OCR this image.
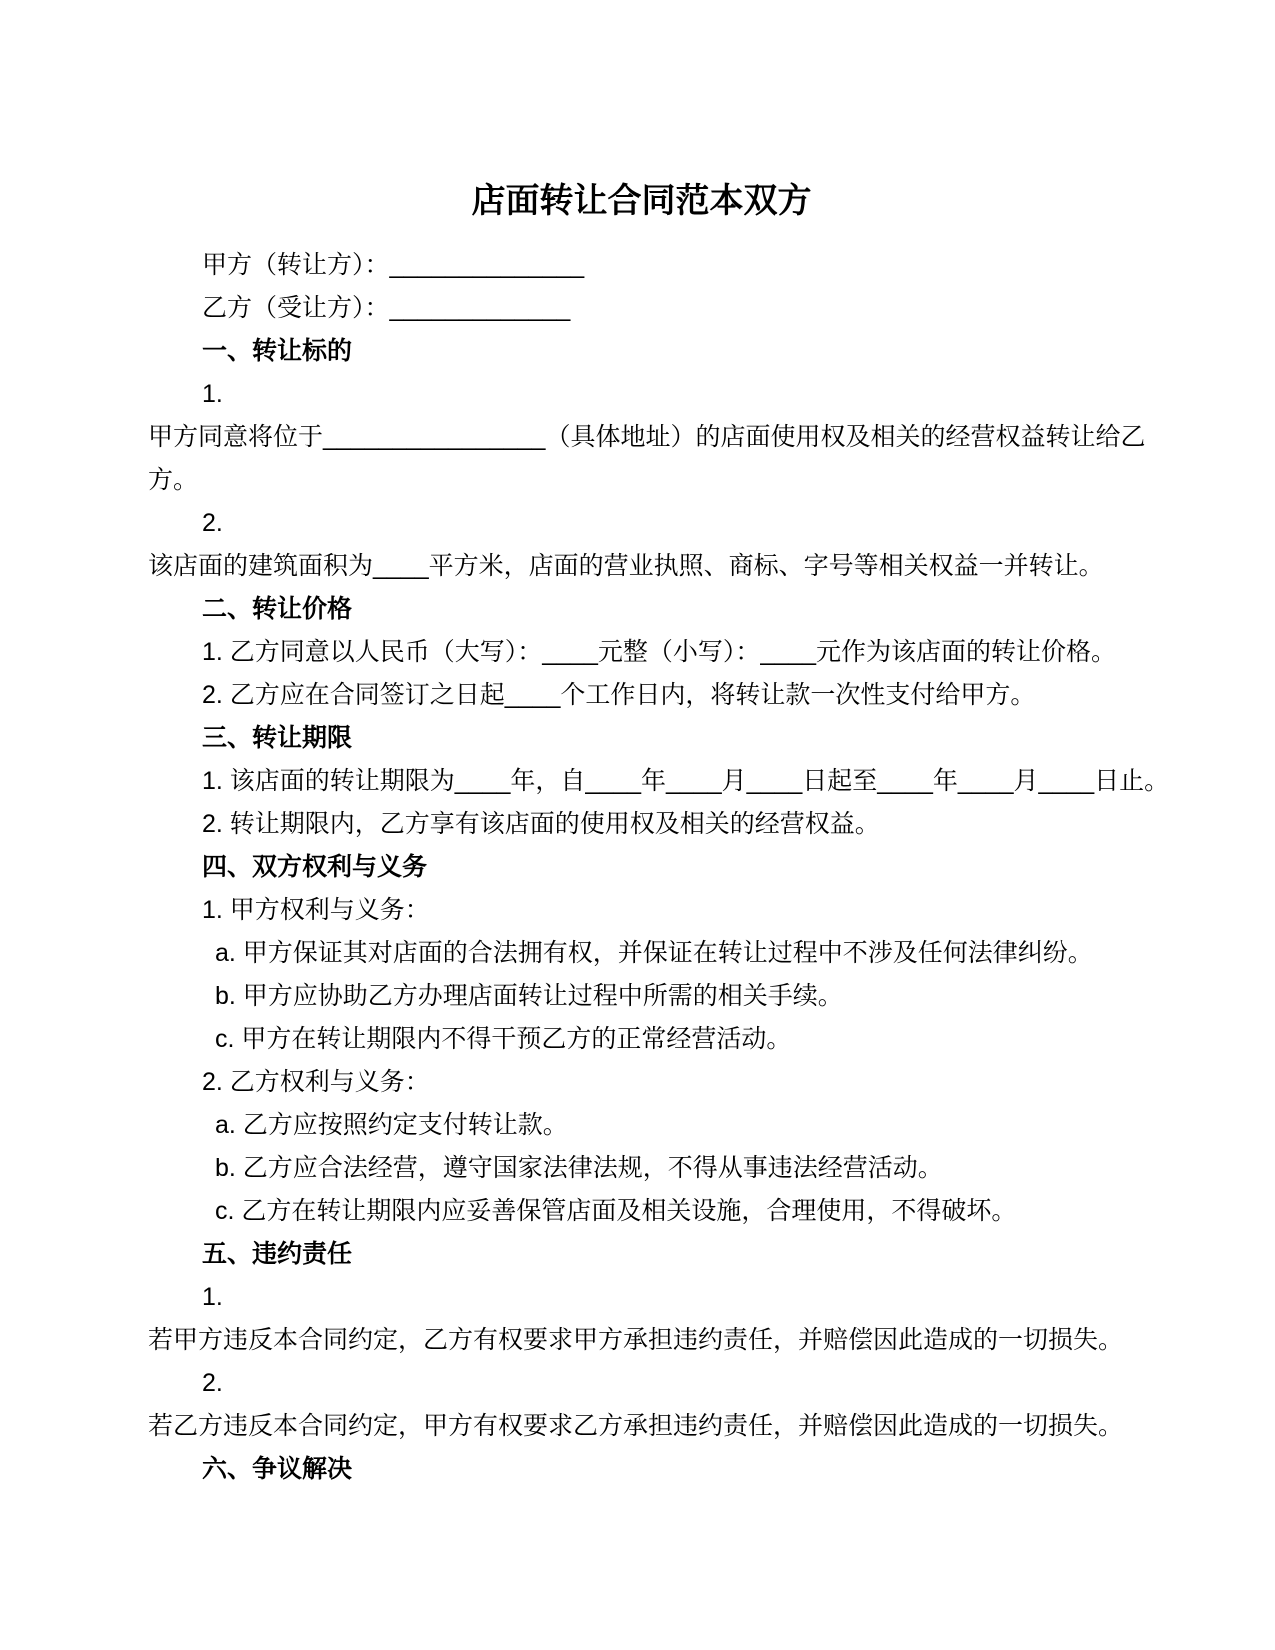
店面转让合同范本双方
甲方（转让方）：______________
乙方（受让方）：_____________
一、转让标的
1.
甲方同意将位于________________（具体地址）的店面使用权及相关的经营权益转让给乙
方。
2.
该店面的建筑面积为____平方米，店面的营业执照、商标、字号等相关权益一并转让。
二、转让价格
1. 乙方同意以人民币（大写）：____元整（小写）：____元作为该店面的转让价格。
2. 乙方应在合同签订之日起____个工作日内，将转让款一次性支付给甲方。
三、转让期限
1. 该店面的转让期限为____年，自____年____月____日起至____年____月____日止。
2. 转让期限内，乙方享有该店面的使用权及相关的经营权益。
四、双方权利与义务
1. 甲方权利与义务：
a. 甲方保证其对店面的合法拥有权，并保证在转让过程中不涉及任何法律纠纷。
b. 甲方应协助乙方办理店面转让过程中所需的相关手续。
c. 甲方在转让期限内不得干预乙方的正常经营活动。
2. 乙方权利与义务：
a. 乙方应按照约定支付转让款。
b. 乙方应合法经营，遵守国家法律法规，不得从事违法经营活动。
c. 乙方在转让期限内应妥善保管店面及相关设施，合理使用，不得破坏。
五、违约责任
1.
若甲方违反本合同约定，乙方有权要求甲方承担违约责任，并赔偿因此造成的一切损失。
2.
若乙方违反本合同约定，甲方有权要求乙方承担违约责任，并赔偿因此造成的一切损失。
六、争议解决
